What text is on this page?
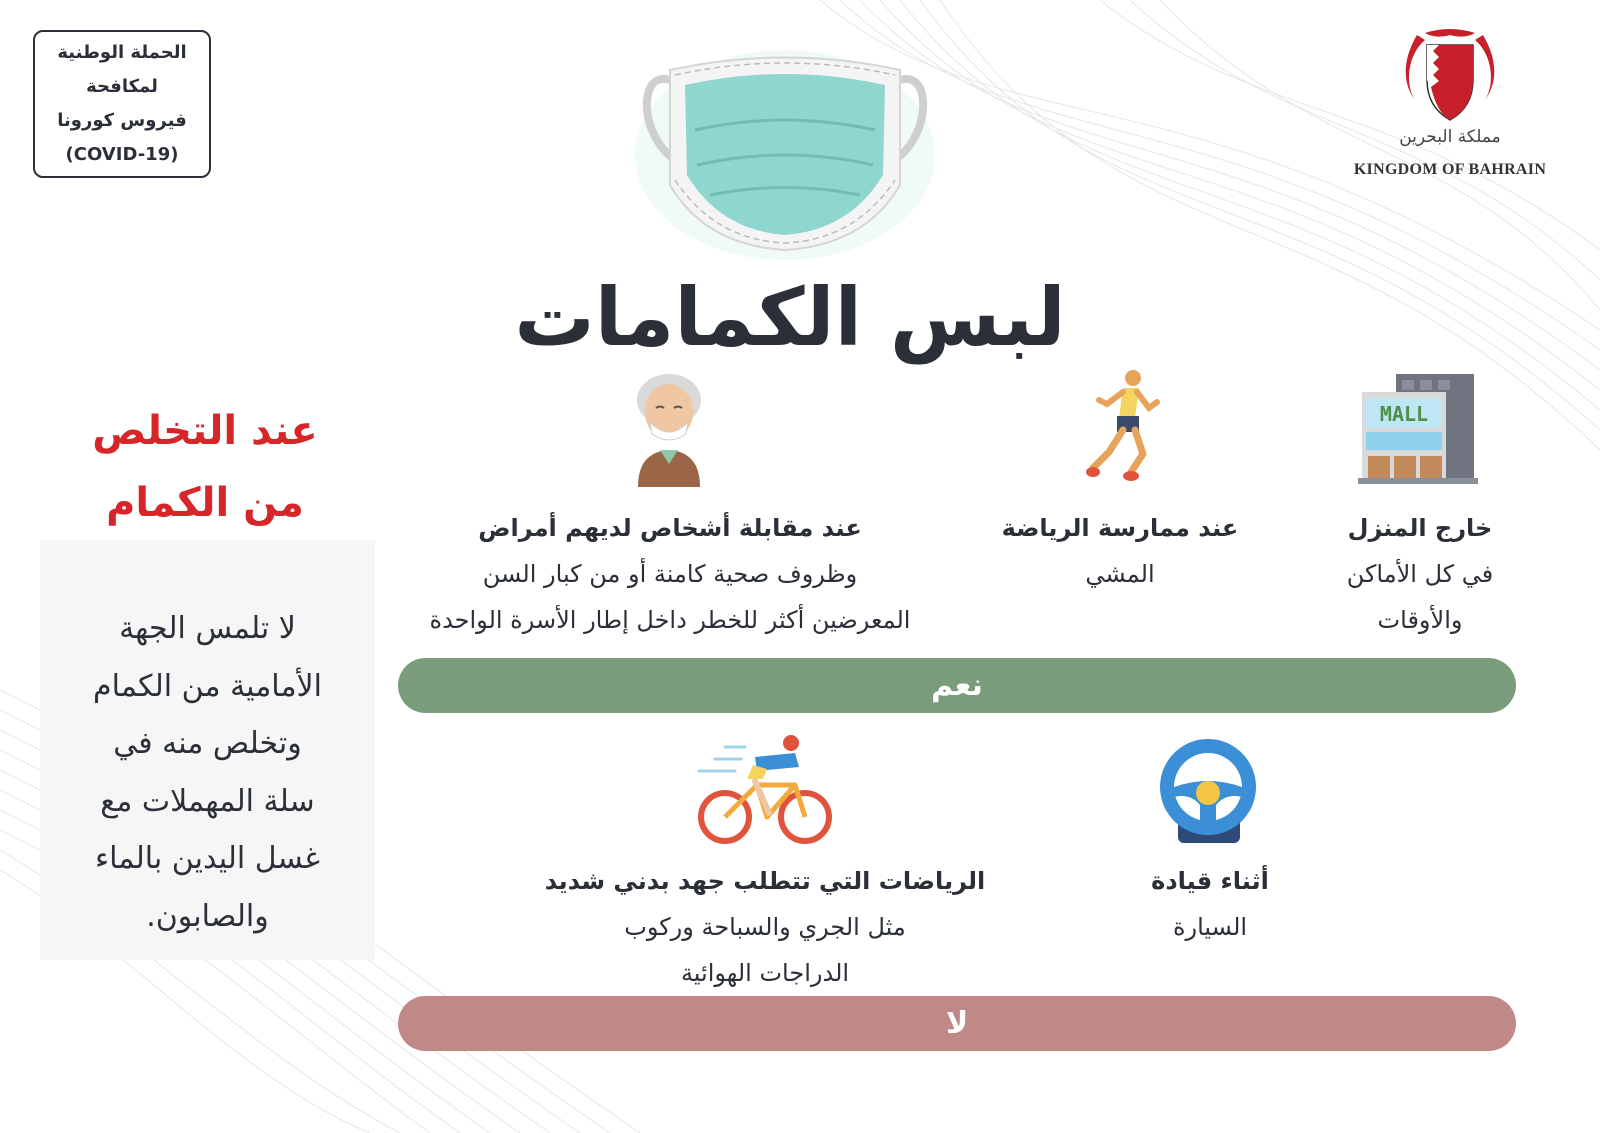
الحملة الوطنية
لمكافحة
فيروس كورونا
(COVID-19)
مملكة البحرين
KINGDOM OF BAHRAIN
لبس الكمامات
MALL
خارج المنزل
في كل الأماكن
والأوقات
عند ممارسة الرياضة
المشي
عند مقابلة أشخاص لديهم أمراض
وظروف صحية كامنة أو من كبار السن
المعرضين أكثر للخطر داخل إطار الأسرة الواحدة
نعم
أثناء قيادة
السيارة
الرياضات التي تتطلب جهد بدني شديد
مثل الجري والسباحة وركوب
الدراجات الهوائية
لا
عند التخلص
من الكمام
لا تلمس الجهة
الأمامية من الكمام
وتخلص منه في
سلة المهملات مع
غسل اليدين بالماء
والصابون.
